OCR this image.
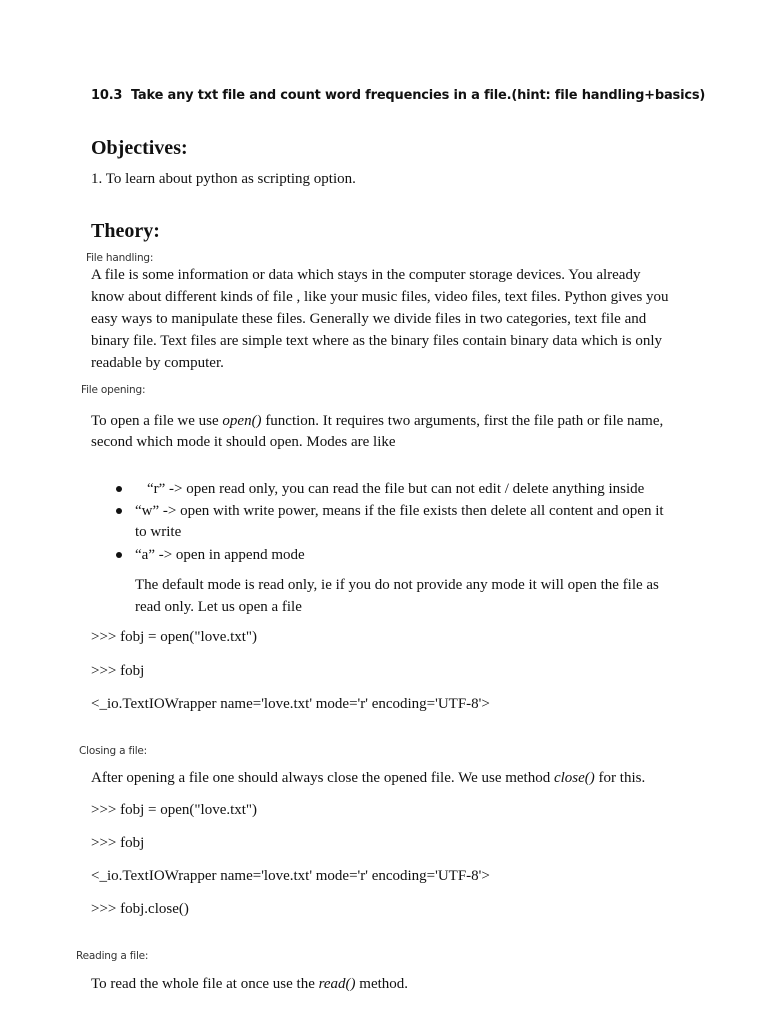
10.3 Take any txt file and count word frequencies in a file.(hint: file handling+basics)
Objectives:
1. To learn about python as scripting option.
Theory:
File handling:
A file is some information or data which stays in the computer storage devices. You already
know about different kinds of file , like your music files, video files, text files. Python gives you
easy ways to manipulate these files. Generally we divide files in two categories, text file and
binary file. Text files are simple text where as the binary files contain binary data which is only
readable by computer.
File opening:
To open a file we use open() function. It requires two arguments, first the file path or file name,
second which mode it should open. Modes are like
“r” -> open read only, you can read the file but can not edit / delete anything inside
“w” -> open with write power, means if the file exists then delete all content and open it
to write
“a” -> open in append mode
The default mode is read only, ie if you do not provide any mode it will open the file as
read only. Let us open a file
>>> fobj = open("love.txt")
>>> fobj
<_io.TextIOWrapper name='love.txt' mode='r' encoding='UTF-8'>
Closing a file:
After opening a file one should always close the opened file. We use method close() for this.
>>> fobj = open("love.txt")
>>> fobj
<_io.TextIOWrapper name='love.txt' mode='r' encoding='UTF-8'>
>>> fobj.close()
Reading a file:
To read the whole file at once use the read() method.
